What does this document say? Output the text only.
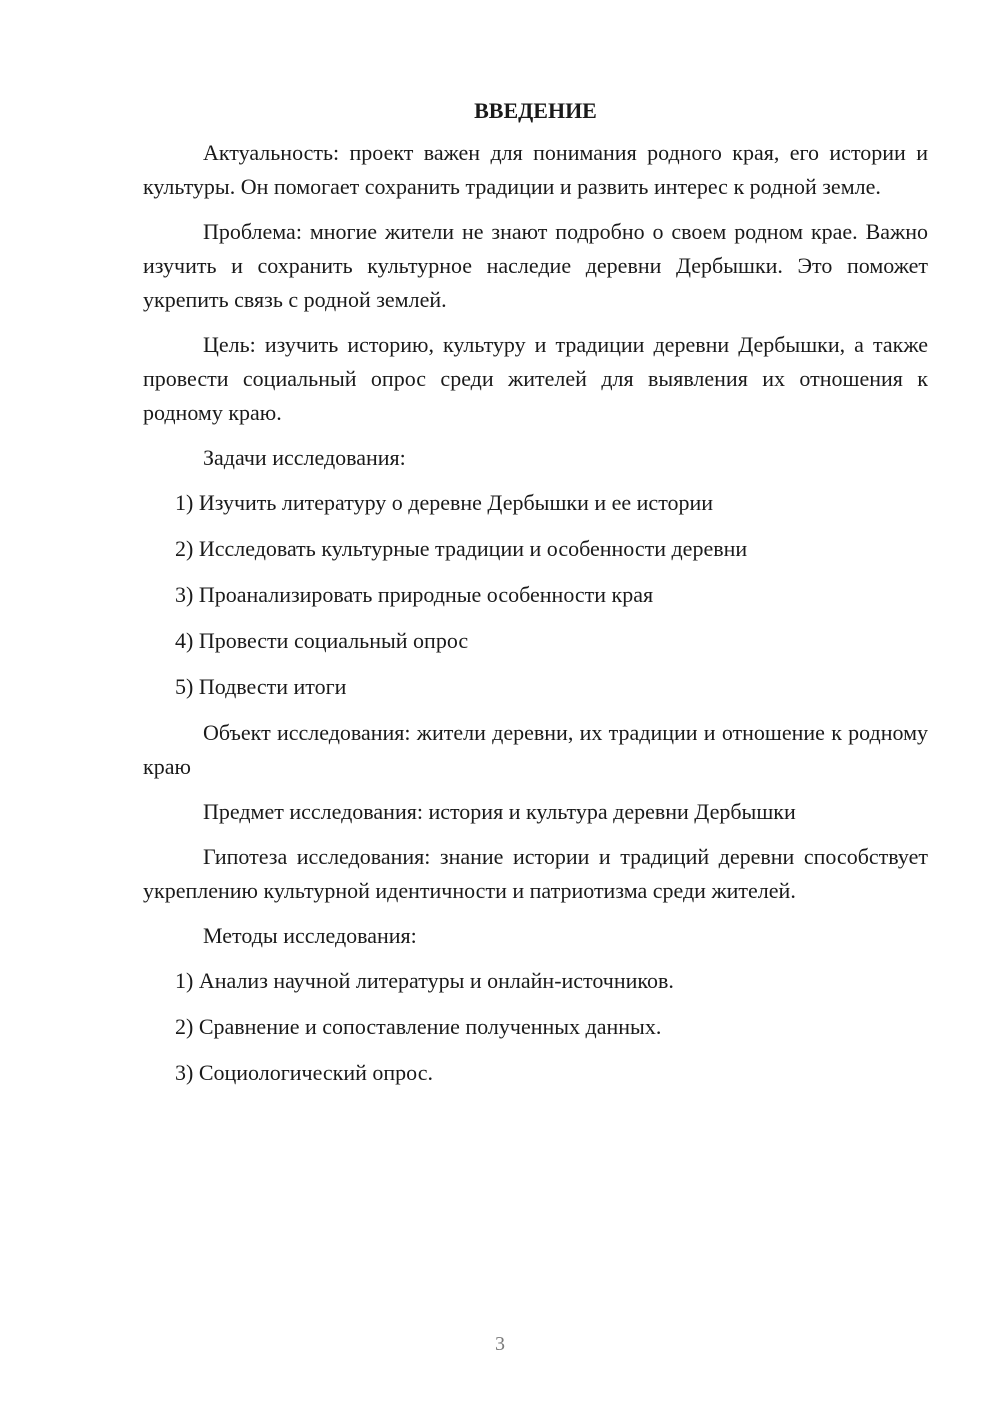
ВВЕДЕНИЕ

Актуальность: проект важен для понимания родного края, его истории и культуры. Он помогает сохранить традиции и развить интерес к родной земле.

Проблема: многие жители не знают подробно о своем родном крае. Важно изучить и сохранить культурное наследие деревни Дербышки. Это поможет укрепить связь с родной землей.

Цель: изучить историю, культуру и традиции деревни Дербышки, а также провести социальный опрос среди жителей для выявления их отношения к родному краю.

Задачи исследования:

1) Изучить литературу о деревне Дербышки и ее истории
2) Исследовать культурные традиции и особенности деревни
3) Проанализировать природные особенности края
4) Провести социальный опрос
5) Подвести итоги

Объект исследования: жители деревни, их традиции и отношение к родному краю

Предмет исследования: история и культура деревни Дербышки

Гипотеза исследования: знание истории и традиций деревни способствует укреплению культурной идентичности и патриотизма среди жителей.

Методы исследования:

1) Анализ научной литературы и онлайн-источников.
2) Сравнение и сопоставление полученных данных.
3) Социологический опрос.
3
